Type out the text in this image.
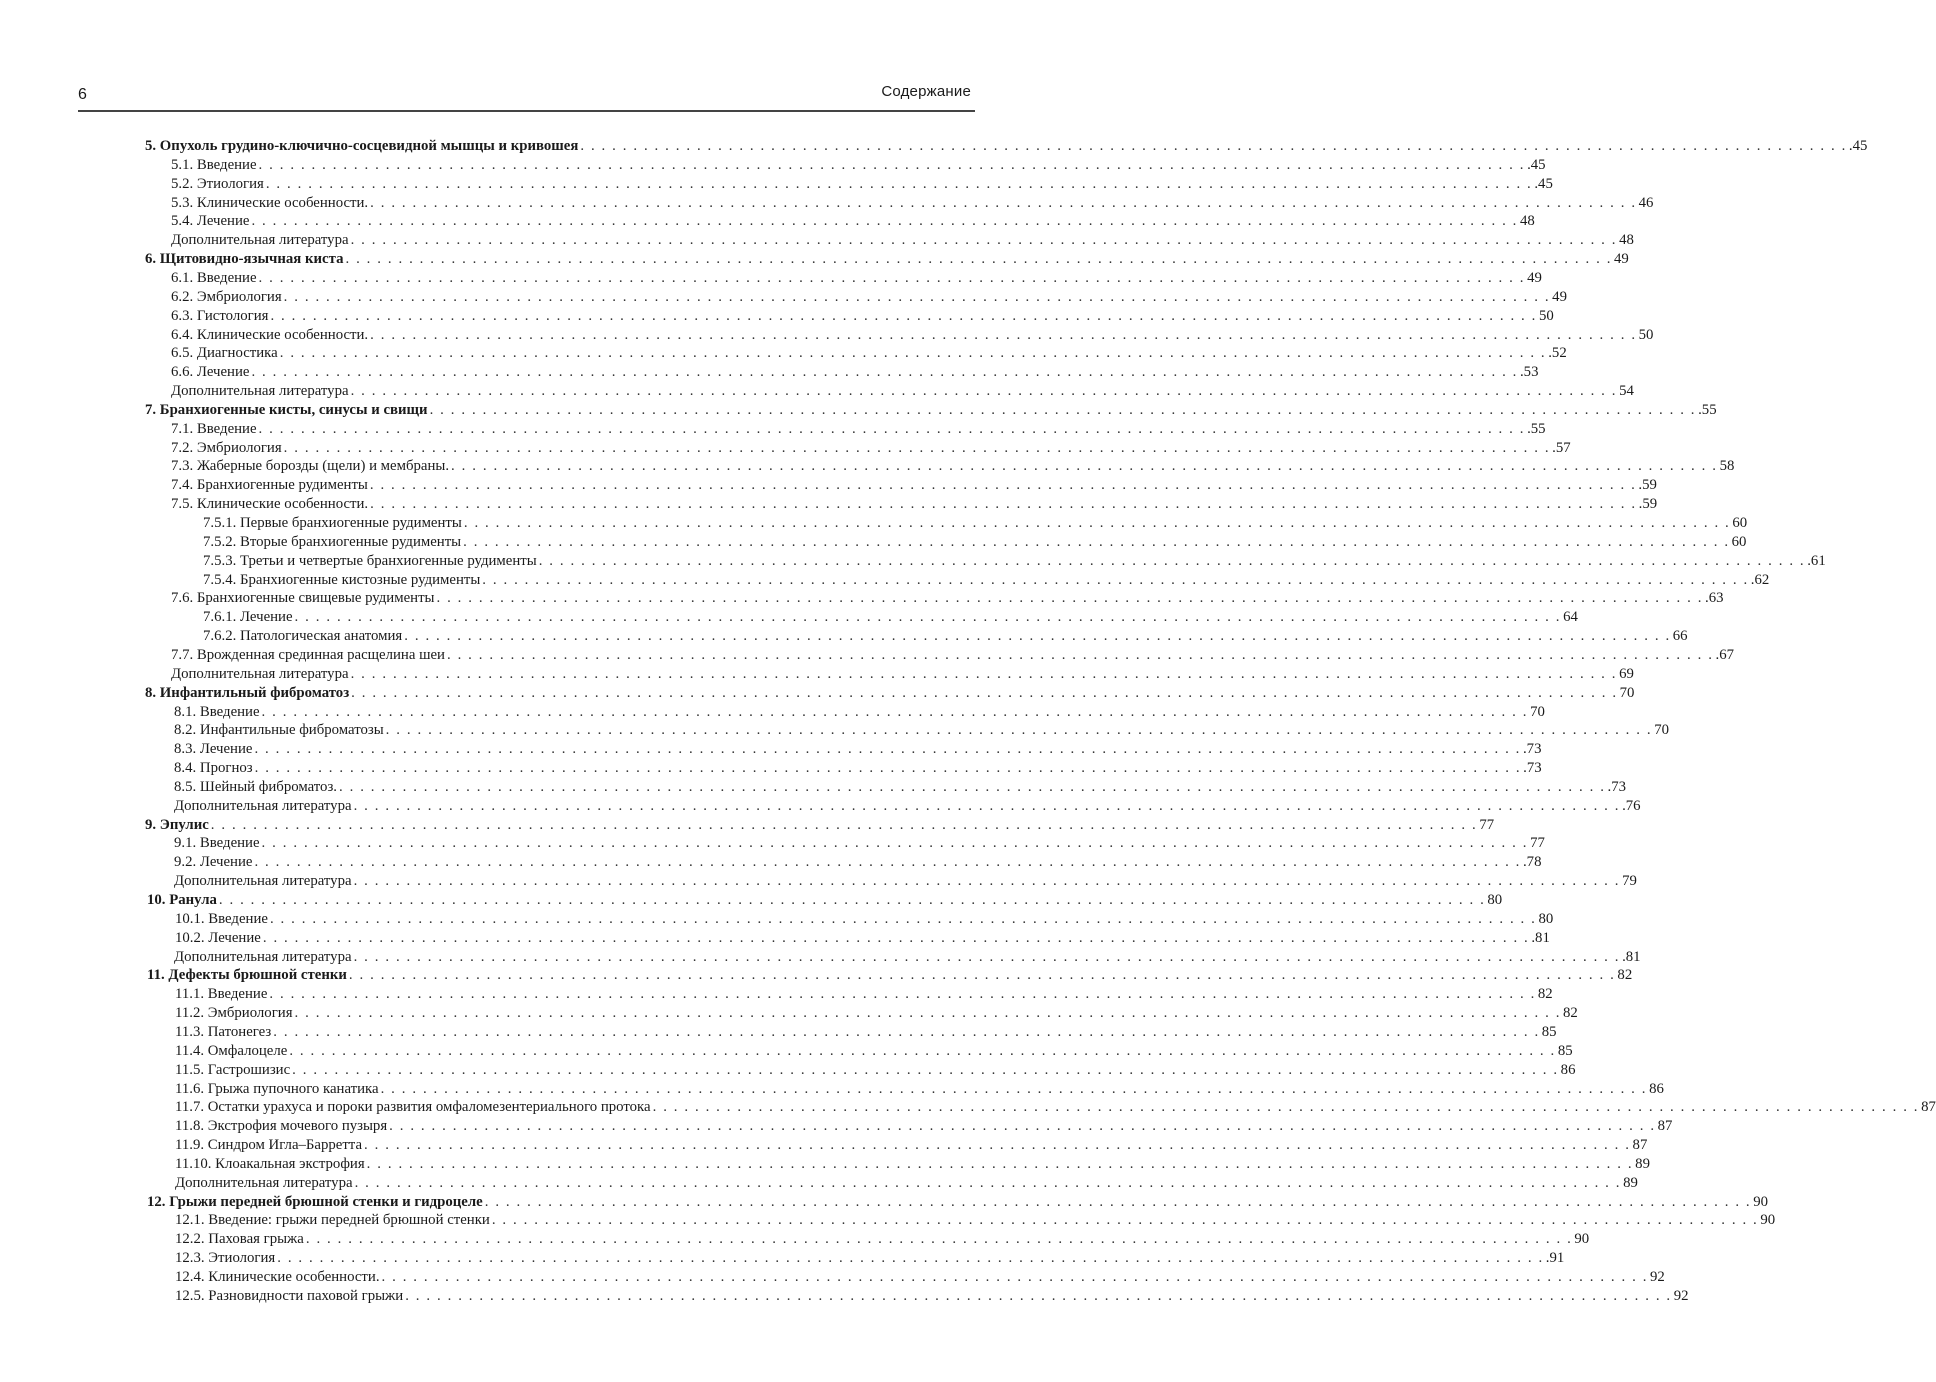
6	Содержание
5. Опухоль грудино-ключично-сосцевидной мышцы и кривошея . . . . . . . . . . . . . . . . . . . . . . . . . . . . . . . . . . . . . . . . . . . . . . . . . . . . . . . . . . . . . . . . . . . . . . . . . . . . . . . . . . . . . . . . . . . . . . . . . . . . . . . . . . . . . . . . . . . . . . . . .45
5.1. Введение . . . . . . . . . . . . . . . . . . . . . . . . . . . . . . . . . . . . . . . . . . . . . . . . . . . . . . . . . . . . . . . . . . . . . . . . . . . . . . . . . . . . . . . . . . . . . . . . . . . . . . . . . . . . . . . . . . . . . . . . .45
5.2. Этиология . . . . . . . . . . . . . . . . . . . . . . . . . . . . . . . . . . . . . . . . . . . . . . . . . . . . . . . . . . . . . . . . . . . . . . . . . . . . . . . . . . . . . . . . . . . . . . . . . . . . . . . . . . . . . . . . . . . . . . . . .45
5.3. Клинические особенности. . . . . . . . . . . . . . . . . . . . . . . . . . . . . . . . . . . . . . . . . . . . . . . . . . . . . . . . . . . . . . . . . . . . . . . . . . . . . . . . . . . . . . . . . . . . . . . . . . . . . . . . . . . . . . . . . . . . . . . . . 46
5.4. Лечение . . . . . . . . . . . . . . . . . . . . . . . . . . . . . . . . . . . . . . . . . . . . . . . . . . . . . . . . . . . . . . . . . . . . . . . . . . . . . . . . . . . . . . . . . . . . . . . . . . . . . . . . . . . . . . . . . . . . . . . . 48
Дополнительная литература . . . . . . . . . . . . . . . . . . . . . . . . . . . . . . . . . . . . . . . . . . . . . . . . . . . . . . . . . . . . . . . . . . . . . . . . . . . . . . . . . . . . . . . . . . . . . . . . . . . . . . . . . . . . . . . . . . . . . . . . 48
6. Щитовидно-язычная киста . . . . . . . . . . . . . . . . . . . . . . . . . . . . . . . . . . . . . . . . . . . . . . . . . . . . . . . . . . . . . . . . . . . . . . . . . . . . . . . . . . . . . . . . . . . . . . . . . . . . . . . . . . . . . . . . . . . . . . . . 49
6.1. Введение . . . . . . . . . . . . . . . . . . . . . . . . . . . . . . . . . . . . . . . . . . . . . . . . . . . . . . . . . . . . . . . . . . . . . . . . . . . . . . . . . . . . . . . . . . . . . . . . . . . . . . . . . . . . . . . . . . . . . . . . 49
6.2. Эмбриология . . . . . . . . . . . . . . . . . . . . . . . . . . . . . . . . . . . . . . . . . . . . . . . . . . . . . . . . . . . . . . . . . . . . . . . . . . . . . . . . . . . . . . . . . . . . . . . . . . . . . . . . . . . . . . . . . . . . . . . . 49
6.3. Гистология . . . . . . . . . . . . . . . . . . . . . . . . . . . . . . . . . . . . . . . . . . . . . . . . . . . . . . . . . . . . . . . . . . . . . . . . . . . . . . . . . . . . . . . . . . . . . . . . . . . . . . . . . . . . . . . . . . . . . . . . 50
6.4. Клинические особенности. . . . . . . . . . . . . . . . . . . . . . . . . . . . . . . . . . . . . . . . . . . . . . . . . . . . . . . . . . . . . . . . . . . . . . . . . . . . . . . . . . . . . . . . . . . . . . . . . . . . . . . . . . . . . . . . . . . . . . . . . 50
6.5. Диагностика . . . . . . . . . . . . . . . . . . . . . . . . . . . . . . . . . . . . . . . . . . . . . . . . . . . . . . . . . . . . . . . . . . . . . . . . . . . . . . . . . . . . . . . . . . . . . . . . . . . . . . . . . . . . . . . . . . . . . . . . .52
6.6. Лечение . . . . . . . . . . . . . . . . . . . . . . . . . . . . . . . . . . . . . . . . . . . . . . . . . . . . . . . . . . . . . . . . . . . . . . . . . . . . . . . . . . . . . . . . . . . . . . . . . . . . . . . . . . . . . . . . . . . . . . . . .53
Дополнительная литература . . . . . . . . . . . . . . . . . . . . . . . . . . . . . . . . . . . . . . . . . . . . . . . . . . . . . . . . . . . . . . . . . . . . . . . . . . . . . . . . . . . . . . . . . . . . . . . . . . . . . . . . . . . . . . . . . . . . . . . . 54
7. Бранхиогенные кисты, синусы и свищи . . . . . . . . . . . . . . . . . . . . . . . . . . . . . . . . . . . . . . . . . . . . . . . . . . . . . . . . . . . . . . . . . . . . . . . . . . . . . . . . . . . . . . . . . . . . . . . . . . . . . . . . . . . . . . . . . . . . . . . . .55
7.1. Введение . . . . . . . . . . . . . . . . . . . . . . . . . . . . . . . . . . . . . . . . . . . . . . . . . . . . . . . . . . . . . . . . . . . . . . . . . . . . . . . . . . . . . . . . . . . . . . . . . . . . . . . . . . . . . . . . . . . . . . . . .55
7.2. Эмбриология . . . . . . . . . . . . . . . . . . . . . . . . . . . . . . . . . . . . . . . . . . . . . . . . . . . . . . . . . . . . . . . . . . . . . . . . . . . . . . . . . . . . . . . . . . . . . . . . . . . . . . . . . . . . . . . . . . . . . . . . .57
7.3. Жаберные борозды (щели) и мембраны. . . . . . . . . . . . . . . . . . . . . . . . . . . . . . . . . . . . . . . . . . . . . . . . . . . . . . . . . . . . . . . . . . . . . . . . . . . . . . . . . . . . . . . . . . . . . . . . . . . . . . . . . . . . . . . . . . . . . . . . . 58
7.4. Бранхиогенные рудименты . . . . . . . . . . . . . . . . . . . . . . . . . . . . . . . . . . . . . . . . . . . . . . . . . . . . . . . . . . . . . . . . . . . . . . . . . . . . . . . . . . . . . . . . . . . . . . . . . . . . . . . . . . . . . . . . . . . . . . . . .59
7.5. Клинические особенности. . . . . . . . . . . . . . . . . . . . . . . . . . . . . . . . . . . . . . . . . . . . . . . . . . . . . . . . . . . . . . . . . . . . . . . . . . . . . . . . . . . . . . . . . . . . . . . . . . . . . . . . . . . . . . . . . . . . . . . . . .59
7.5.1. Первые бранхиогенные рудименты . . . . . . . . . . . . . . . . . . . . . . . . . . . . . . . . . . . . . . . . . . . . . . . . . . . . . . . . . . . . . . . . . . . . . . . . . . . . . . . . . . . . . . . . . . . . . . . . . . . . . . . . . . . . . . . . . . . . . . . . 60
7.5.2. Вторые бранхиогенные рудименты . . . . . . . . . . . . . . . . . . . . . . . . . . . . . . . . . . . . . . . . . . . . . . . . . . . . . . . . . . . . . . . . . . . . . . . . . . . . . . . . . . . . . . . . . . . . . . . . . . . . . . . . . . . . . . . . . . . . . . . . 60
7.5.3. Третьи и четвертые бранхиогенные рудименты . . . . . . . . . . . . . . . . . . . . . . . . . . . . . . . . . . . . . . . . . . . . . . . . . . . . . . . . . . . . . . . . . . . . . . . . . . . . . . . . . . . . . . . . . . . . . . . . . . . . . . . . . . . . . . . . . . . . . . . . .61
7.5.4. Бранхиогенные кистозные рудименты . . . . . . . . . . . . . . . . . . . . . . . . . . . . . . . . . . . . . . . . . . . . . . . . . . . . . . . . . . . . . . . . . . . . . . . . . . . . . . . . . . . . . . . . . . . . . . . . . . . . . . . . . . . . . . . . . . . . . . . . .62
7.6. Бранхиогенные свищевые рудименты . . . . . . . . . . . . . . . . . . . . . . . . . . . . . . . . . . . . . . . . . . . . . . . . . . . . . . . . . . . . . . . . . . . . . . . . . . . . . . . . . . . . . . . . . . . . . . . . . . . . . . . . . . . . . . . . . . . . . . . . .63
7.6.1. Лечение . . . . . . . . . . . . . . . . . . . . . . . . . . . . . . . . . . . . . . . . . . . . . . . . . . . . . . . . . . . . . . . . . . . . . . . . . . . . . . . . . . . . . . . . . . . . . . . . . . . . . . . . . . . . . . . . . . . . . . . . 64
7.6.2. Патологическая анатомия . . . . . . . . . . . . . . . . . . . . . . . . . . . . . . . . . . . . . . . . . . . . . . . . . . . . . . . . . . . . . . . . . . . . . . . . . . . . . . . . . . . . . . . . . . . . . . . . . . . . . . . . . . . . . . . . . . . . . . . . 66
7.7. Врожденная срединная расщелина шеи . . . . . . . . . . . . . . . . . . . . . . . . . . . . . . . . . . . . . . . . . . . . . . . . . . . . . . . . . . . . . . . . . . . . . . . . . . . . . . . . . . . . . . . . . . . . . . . . . . . . . . . . . . . . . . . . . . . . . . . . .67
Дополнительная литература . . . . . . . . . . . . . . . . . . . . . . . . . . . . . . . . . . . . . . . . . . . . . . . . . . . . . . . . . . . . . . . . . . . . . . . . . . . . . . . . . . . . . . . . . . . . . . . . . . . . . . . . . . . . . . . . . . . . . . . . 69
8. Инфантильный фиброматоз . . . . . . . . . . . . . . . . . . . . . . . . . . . . . . . . . . . . . . . . . . . . . . . . . . . . . . . . . . . . . . . . . . . . . . . . . . . . . . . . . . . . . . . . . . . . . . . . . . . . . . . . . . . . . . . . . . . . . . . . 70
8.1. Введение . . . . . . . . . . . . . . . . . . . . . . . . . . . . . . . . . . . . . . . . . . . . . . . . . . . . . . . . . . . . . . . . . . . . . . . . . . . . . . . . . . . . . . . . . . . . . . . . . . . . . . . . . . . . . . . . . . . . . . . . 70
8.2. Инфантильные фиброматозы . . . . . . . . . . . . . . . . . . . . . . . . . . . . . . . . . . . . . . . . . . . . . . . . . . . . . . . . . . . . . . . . . . . . . . . . . . . . . . . . . . . . . . . . . . . . . . . . . . . . . . . . . . . . . . . . . . . . . . . . 70
8.3. Лечение . . . . . . . . . . . . . . . . . . . . . . . . . . . . . . . . . . . . . . . . . . . . . . . . . . . . . . . . . . . . . . . . . . . . . . . . . . . . . . . . . . . . . . . . . . . . . . . . . . . . . . . . . . . . . . . . . . . . . . . . .73
8.4. Прогноз . . . . . . . . . . . . . . . . . . . . . . . . . . . . . . . . . . . . . . . . . . . . . . . . . . . . . . . . . . . . . . . . . . . . . . . . . . . . . . . . . . . . . . . . . . . . . . . . . . . . . . . . . . . . . . . . . . . . . . . . .73
8.5. Шейный фиброматоз. . . . . . . . . . . . . . . . . . . . . . . . . . . . . . . . . . . . . . . . . . . . . . . . . . . . . . . . . . . . . . . . . . . . . . . . . . . . . . . . . . . . . . . . . . . . . . . . . . . . . . . . . . . . . . . . . . . . . . . . . .73
Дополнительная литература . . . . . . . . . . . . . . . . . . . . . . . . . . . . . . . . . . . . . . . . . . . . . . . . . . . . . . . . . . . . . . . . . . . . . . . . . . . . . . . . . . . . . . . . . . . . . . . . . . . . . . . . . . . . . . . . . . . . . . . . .76
9. Эпулис . . . . . . . . . . . . . . . . . . . . . . . . . . . . . . . . . . . . . . . . . . . . . . . . . . . . . . . . . . . . . . . . . . . . . . . . . . . . . . . . . . . . . . . . . . . . . . . . . . . . . . . . . . . . . . . . . . . . . . . . 77
9.1. Введение . . . . . . . . . . . . . . . . . . . . . . . . . . . . . . . . . . . . . . . . . . . . . . . . . . . . . . . . . . . . . . . . . . . . . . . . . . . . . . . . . . . . . . . . . . . . . . . . . . . . . . . . . . . . . . . . . . . . . . . . 77
9.2. Лечение . . . . . . . . . . . . . . . . . . . . . . . . . . . . . . . . . . . . . . . . . . . . . . . . . . . . . . . . . . . . . . . . . . . . . . . . . . . . . . . . . . . . . . . . . . . . . . . . . . . . . . . . . . . . . . . . . . . . . . . . .78
Дополнительная литература . . . . . . . . . . . . . . . . . . . . . . . . . . . . . . . . . . . . . . . . . . . . . . . . . . . . . . . . . . . . . . . . . . . . . . . . . . . . . . . . . . . . . . . . . . . . . . . . . . . . . . . . . . . . . . . . . . . . . . . . 79
10. Ранула . . . . . . . . . . . . . . . . . . . . . . . . . . . . . . . . . . . . . . . . . . . . . . . . . . . . . . . . . . . . . . . . . . . . . . . . . . . . . . . . . . . . . . . . . . . . . . . . . . . . . . . . . . . . . . . . . . . . . . . . 80
10.1. Введение . . . . . . . . . . . . . . . . . . . . . . . . . . . . . . . . . . . . . . . . . . . . . . . . . . . . . . . . . . . . . . . . . . . . . . . . . . . . . . . . . . . . . . . . . . . . . . . . . . . . . . . . . . . . . . . . . . . . . . . . 80
10.2. Лечение . . . . . . . . . . . . . . . . . . . . . . . . . . . . . . . . . . . . . . . . . . . . . . . . . . . . . . . . . . . . . . . . . . . . . . . . . . . . . . . . . . . . . . . . . . . . . . . . . . . . . . . . . . . . . . . . . . . . . . . . .81
Дополнительная литература . . . . . . . . . . . . . . . . . . . . . . . . . . . . . . . . . . . . . . . . . . . . . . . . . . . . . . . . . . . . . . . . . . . . . . . . . . . . . . . . . . . . . . . . . . . . . . . . . . . . . . . . . . . . . . . . . . . . . . . . .81
11. Дефекты брюшной стенки . . . . . . . . . . . . . . . . . . . . . . . . . . . . . . . . . . . . . . . . . . . . . . . . . . . . . . . . . . . . . . . . . . . . . . . . . . . . . . . . . . . . . . . . . . . . . . . . . . . . . . . . . . . . . . . . . . . . . . . . 82
11.1. Введение . . . . . . . . . . . . . . . . . . . . . . . . . . . . . . . . . . . . . . . . . . . . . . . . . . . . . . . . . . . . . . . . . . . . . . . . . . . . . . . . . . . . . . . . . . . . . . . . . . . . . . . . . . . . . . . . . . . . . . . . 82
11.2. Эмбриология . . . . . . . . . . . . . . . . . . . . . . . . . . . . . . . . . . . . . . . . . . . . . . . . . . . . . . . . . . . . . . . . . . . . . . . . . . . . . . . . . . . . . . . . . . . . . . . . . . . . . . . . . . . . . . . . . . . . . . . . 82
11.3. Патонегез . . . . . . . . . . . . . . . . . . . . . . . . . . . . . . . . . . . . . . . . . . . . . . . . . . . . . . . . . . . . . . . . . . . . . . . . . . . . . . . . . . . . . . . . . . . . . . . . . . . . . . . . . . . . . . . . . . . . . . . . 85
11.4. Омфалоцеле . . . . . . . . . . . . . . . . . . . . . . . . . . . . . . . . . . . . . . . . . . . . . . . . . . . . . . . . . . . . . . . . . . . . . . . . . . . . . . . . . . . . . . . . . . . . . . . . . . . . . . . . . . . . . . . . . . . . . . . . 85
11.5. Гастрошизис . . . . . . . . . . . . . . . . . . . . . . . . . . . . . . . . . . . . . . . . . . . . . . . . . . . . . . . . . . . . . . . . . . . . . . . . . . . . . . . . . . . . . . . . . . . . . . . . . . . . . . . . . . . . . . . . . . . . . . . . 86
11.6. Грыжа пупочного канатика . . . . . . . . . . . . . . . . . . . . . . . . . . . . . . . . . . . . . . . . . . . . . . . . . . . . . . . . . . . . . . . . . . . . . . . . . . . . . . . . . . . . . . . . . . . . . . . . . . . . . . . . . . . . . . . . . . . . . . . . 86
11.7. Остатки урахуса и пороки развития омфаломезентериального протока . . . . . . . . . . . . . . . . . . . . . . . . . . . . . . . . . . . . . . . . . . . . . . . . . . . . . . . . . . . . . . . . . . . . . . . . . . . . . . . . . . . . . . . . . . . . . . . . . . . . . . . . . . . . . . . . . . . . . . . . 87
11.8. Экстрофия мочевого пузыря . . . . . . . . . . . . . . . . . . . . . . . . . . . . . . . . . . . . . . . . . . . . . . . . . . . . . . . . . . . . . . . . . . . . . . . . . . . . . . . . . . . . . . . . . . . . . . . . . . . . . . . . . . . . . . . . . . . . . . . . 87
11.9. Синдром Игла–Барретта . . . . . . . . . . . . . . . . . . . . . . . . . . . . . . . . . . . . . . . . . . . . . . . . . . . . . . . . . . . . . . . . . . . . . . . . . . . . . . . . . . . . . . . . . . . . . . . . . . . . . . . . . . . . . . . . . . . . . . . . 87
11.10. Клоакальная экстрофия . . . . . . . . . . . . . . . . . . . . . . . . . . . . . . . . . . . . . . . . . . . . . . . . . . . . . . . . . . . . . . . . . . . . . . . . . . . . . . . . . . . . . . . . . . . . . . . . . . . . . . . . . . . . . . . . . . . . . . . . 89
Дополнительная литература . . . . . . . . . . . . . . . . . . . . . . . . . . . . . . . . . . . . . . . . . . . . . . . . . . . . . . . . . . . . . . . . . . . . . . . . . . . . . . . . . . . . . . . . . . . . . . . . . . . . . . . . . . . . . . . . . . . . . . . . 89
12. Грыжи передней брюшной стенки и гидроцеле . . . . . . . . . . . . . . . . . . . . . . . . . . . . . . . . . . . . . . . . . . . . . . . . . . . . . . . . . . . . . . . . . . . . . . . . . . . . . . . . . . . . . . . . . . . . . . . . . . . . . . . . . . . . . . . . . . . . . . . . 90
12.1. Введение: грыжи передней брюшной стенки . . . . . . . . . . . . . . . . . . . . . . . . . . . . . . . . . . . . . . . . . . . . . . . . . . . . . . . . . . . . . . . . . . . . . . . . . . . . . . . . . . . . . . . . . . . . . . . . . . . . . . . . . . . . . . . . . . . . . . . . 90
12.2. Паховая грыжа . . . . . . . . . . . . . . . . . . . . . . . . . . . . . . . . . . . . . . . . . . . . . . . . . . . . . . . . . . . . . . . . . . . . . . . . . . . . . . . . . . . . . . . . . . . . . . . . . . . . . . . . . . . . . . . . . . . . . . . . 90
12.3. Этиология . . . . . . . . . . . . . . . . . . . . . . . . . . . . . . . . . . . . . . . . . . . . . . . . . . . . . . . . . . . . . . . . . . . . . . . . . . . . . . . . . . . . . . . . . . . . . . . . . . . . . . . . . . . . . . . . . . . . . . . . .91
12.4. Клинические особенности. . . . . . . . . . . . . . . . . . . . . . . . . . . . . . . . . . . . . . . . . . . . . . . . . . . . . . . . . . . . . . . . . . . . . . . . . . . . . . . . . . . . . . . . . . . . . . . . . . . . . . . . . . . . . . . . . . . . . . . . . 92
12.5. Разновидности паховой грыжи . . . . . . . . . . . . . . . . . . . . . . . . . . . . . . . . . . . . . . . . . . . . . . . . . . . . . . . . . . . . . . . . . . . . . . . . . . . . . . . . . . . . . . . . . . . . . . . . . . . . . . . . . . . . . . . . . . . . . . . . 92
